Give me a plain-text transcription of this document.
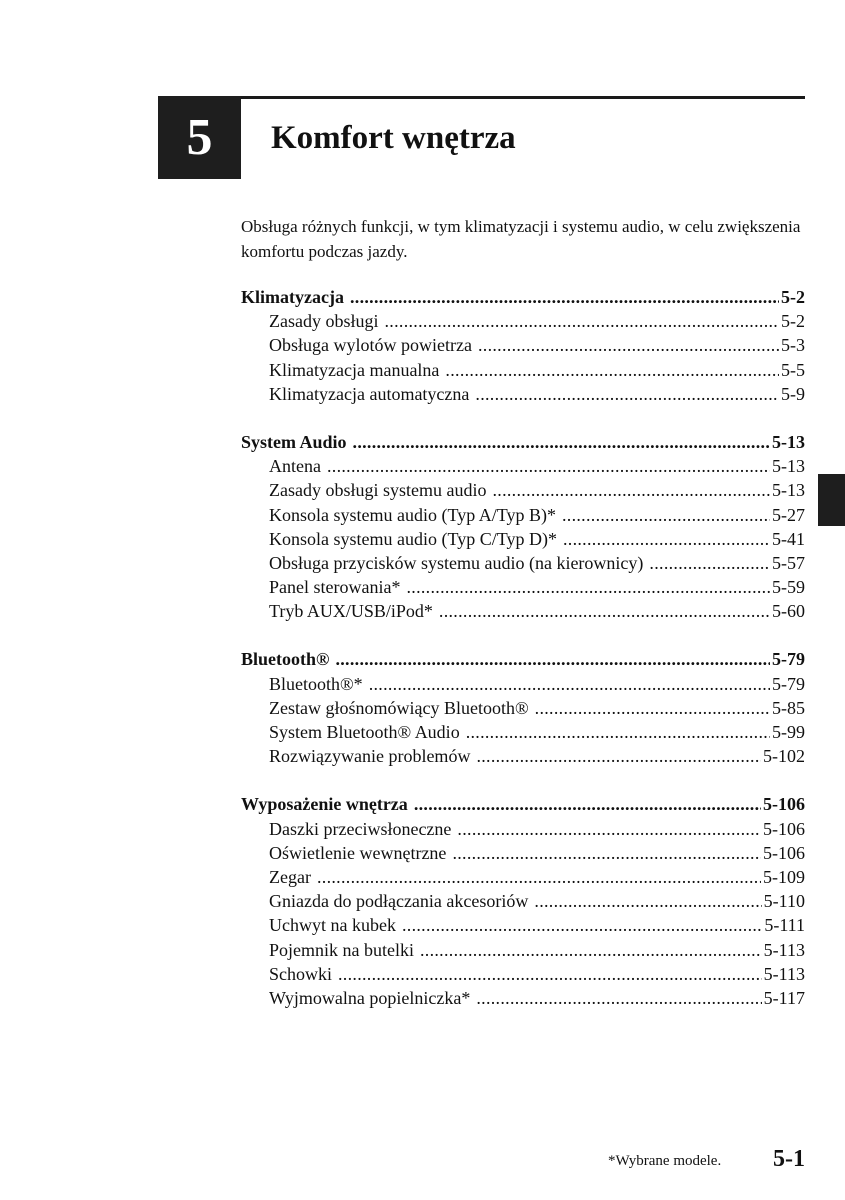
5 Komfort wnętrza
Obsługa różnych funkcji, w tym klimatyzacji i systemu audio, w celu zwiększenia komfortu podczas jazdy.
Klimatyzacja .....	5-2
Zasady obsługi .....	5-2
Obsługa wylotów powietrza .....	5-3
Klimatyzacja manualna .....	5-5
Klimatyzacja automatyczna .....	5-9
System Audio .....	5-13
Antena .....	5-13
Zasady obsługi systemu audio .....	5-13
Konsola systemu audio (Typ A/Typ B)* .....	5-27
Konsola systemu audio (Typ C/Typ D)* .....	5-41
Obsługa przycisków systemu audio (na kierownicy) .....	5-57
Panel sterowania* .....	5-59
Tryb AUX/USB/iPod* .....	5-60
Bluetooth® .....	5-79
Bluetooth®* .....	5-79
Zestaw głośnomówiący Bluetooth® .....	5-85
System Bluetooth® Audio .....	5-99
Rozwiązywanie problemów .....	5-102
Wyposażenie wnętrza .....	5-106
Daszki przeciwsłoneczne .....	5-106
Oświetlenie wewnętrzne .....	5-106
Zegar .....	5-109
Gniazda do podłączania akcesoriów .....	5-110
Uchwyt na kubek .....	5-111
Pojemnik na butelki .....	5-113
Schowki .....	5-113
Wyjmowalna popielniczka* .....	5-117
*Wybrane modele. 5-1
